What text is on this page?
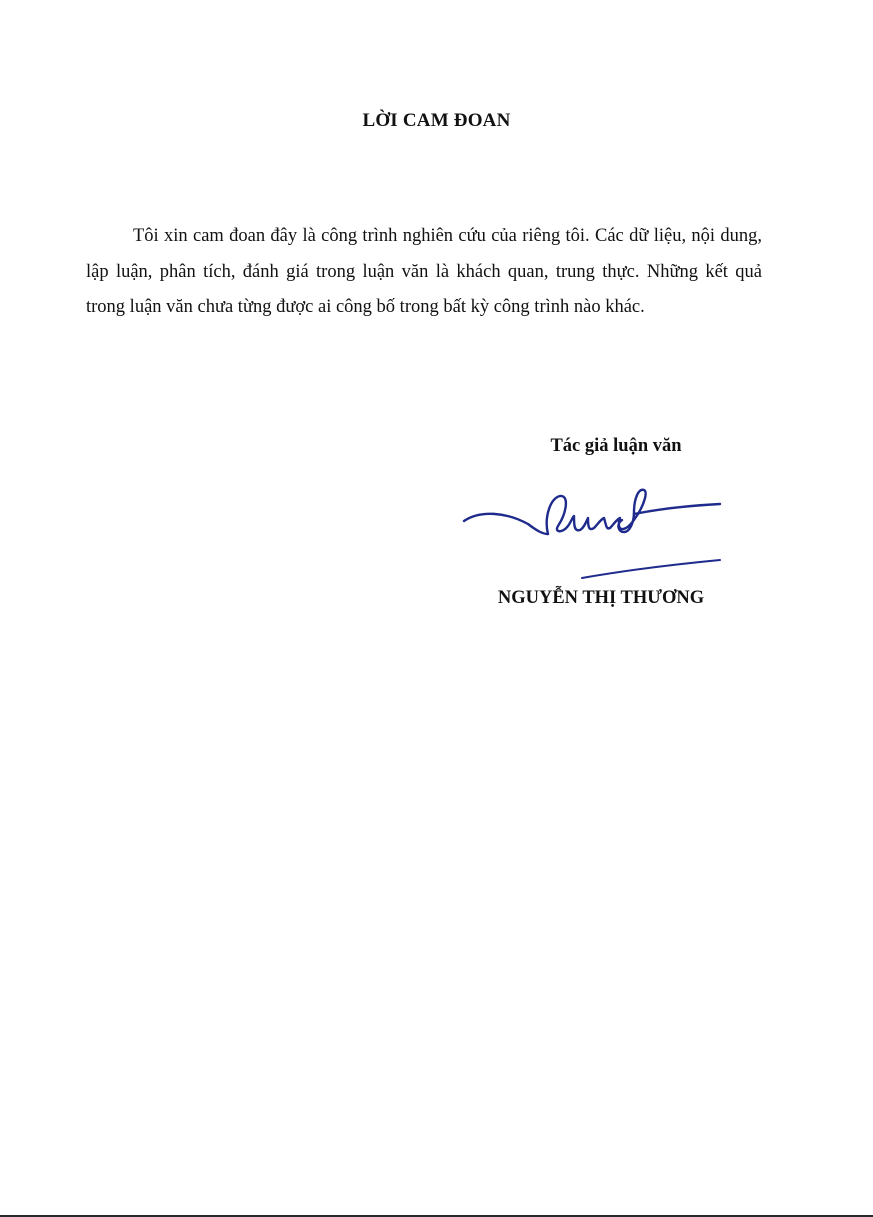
LỜI CAM ĐOAN

Tôi xin cam đoan đây là công trình nghiên cứu của riêng tôi. Các dữ liệu, nội dung, lập luận, phân tích, đánh giá trong luận văn là khách quan, trung thực. Những kết quả trong luận văn chưa từng được ai công bố trong bất kỳ công trình nào khác.

Tác giả luận văn
NGUYỄN THỊ THƯƠNG
